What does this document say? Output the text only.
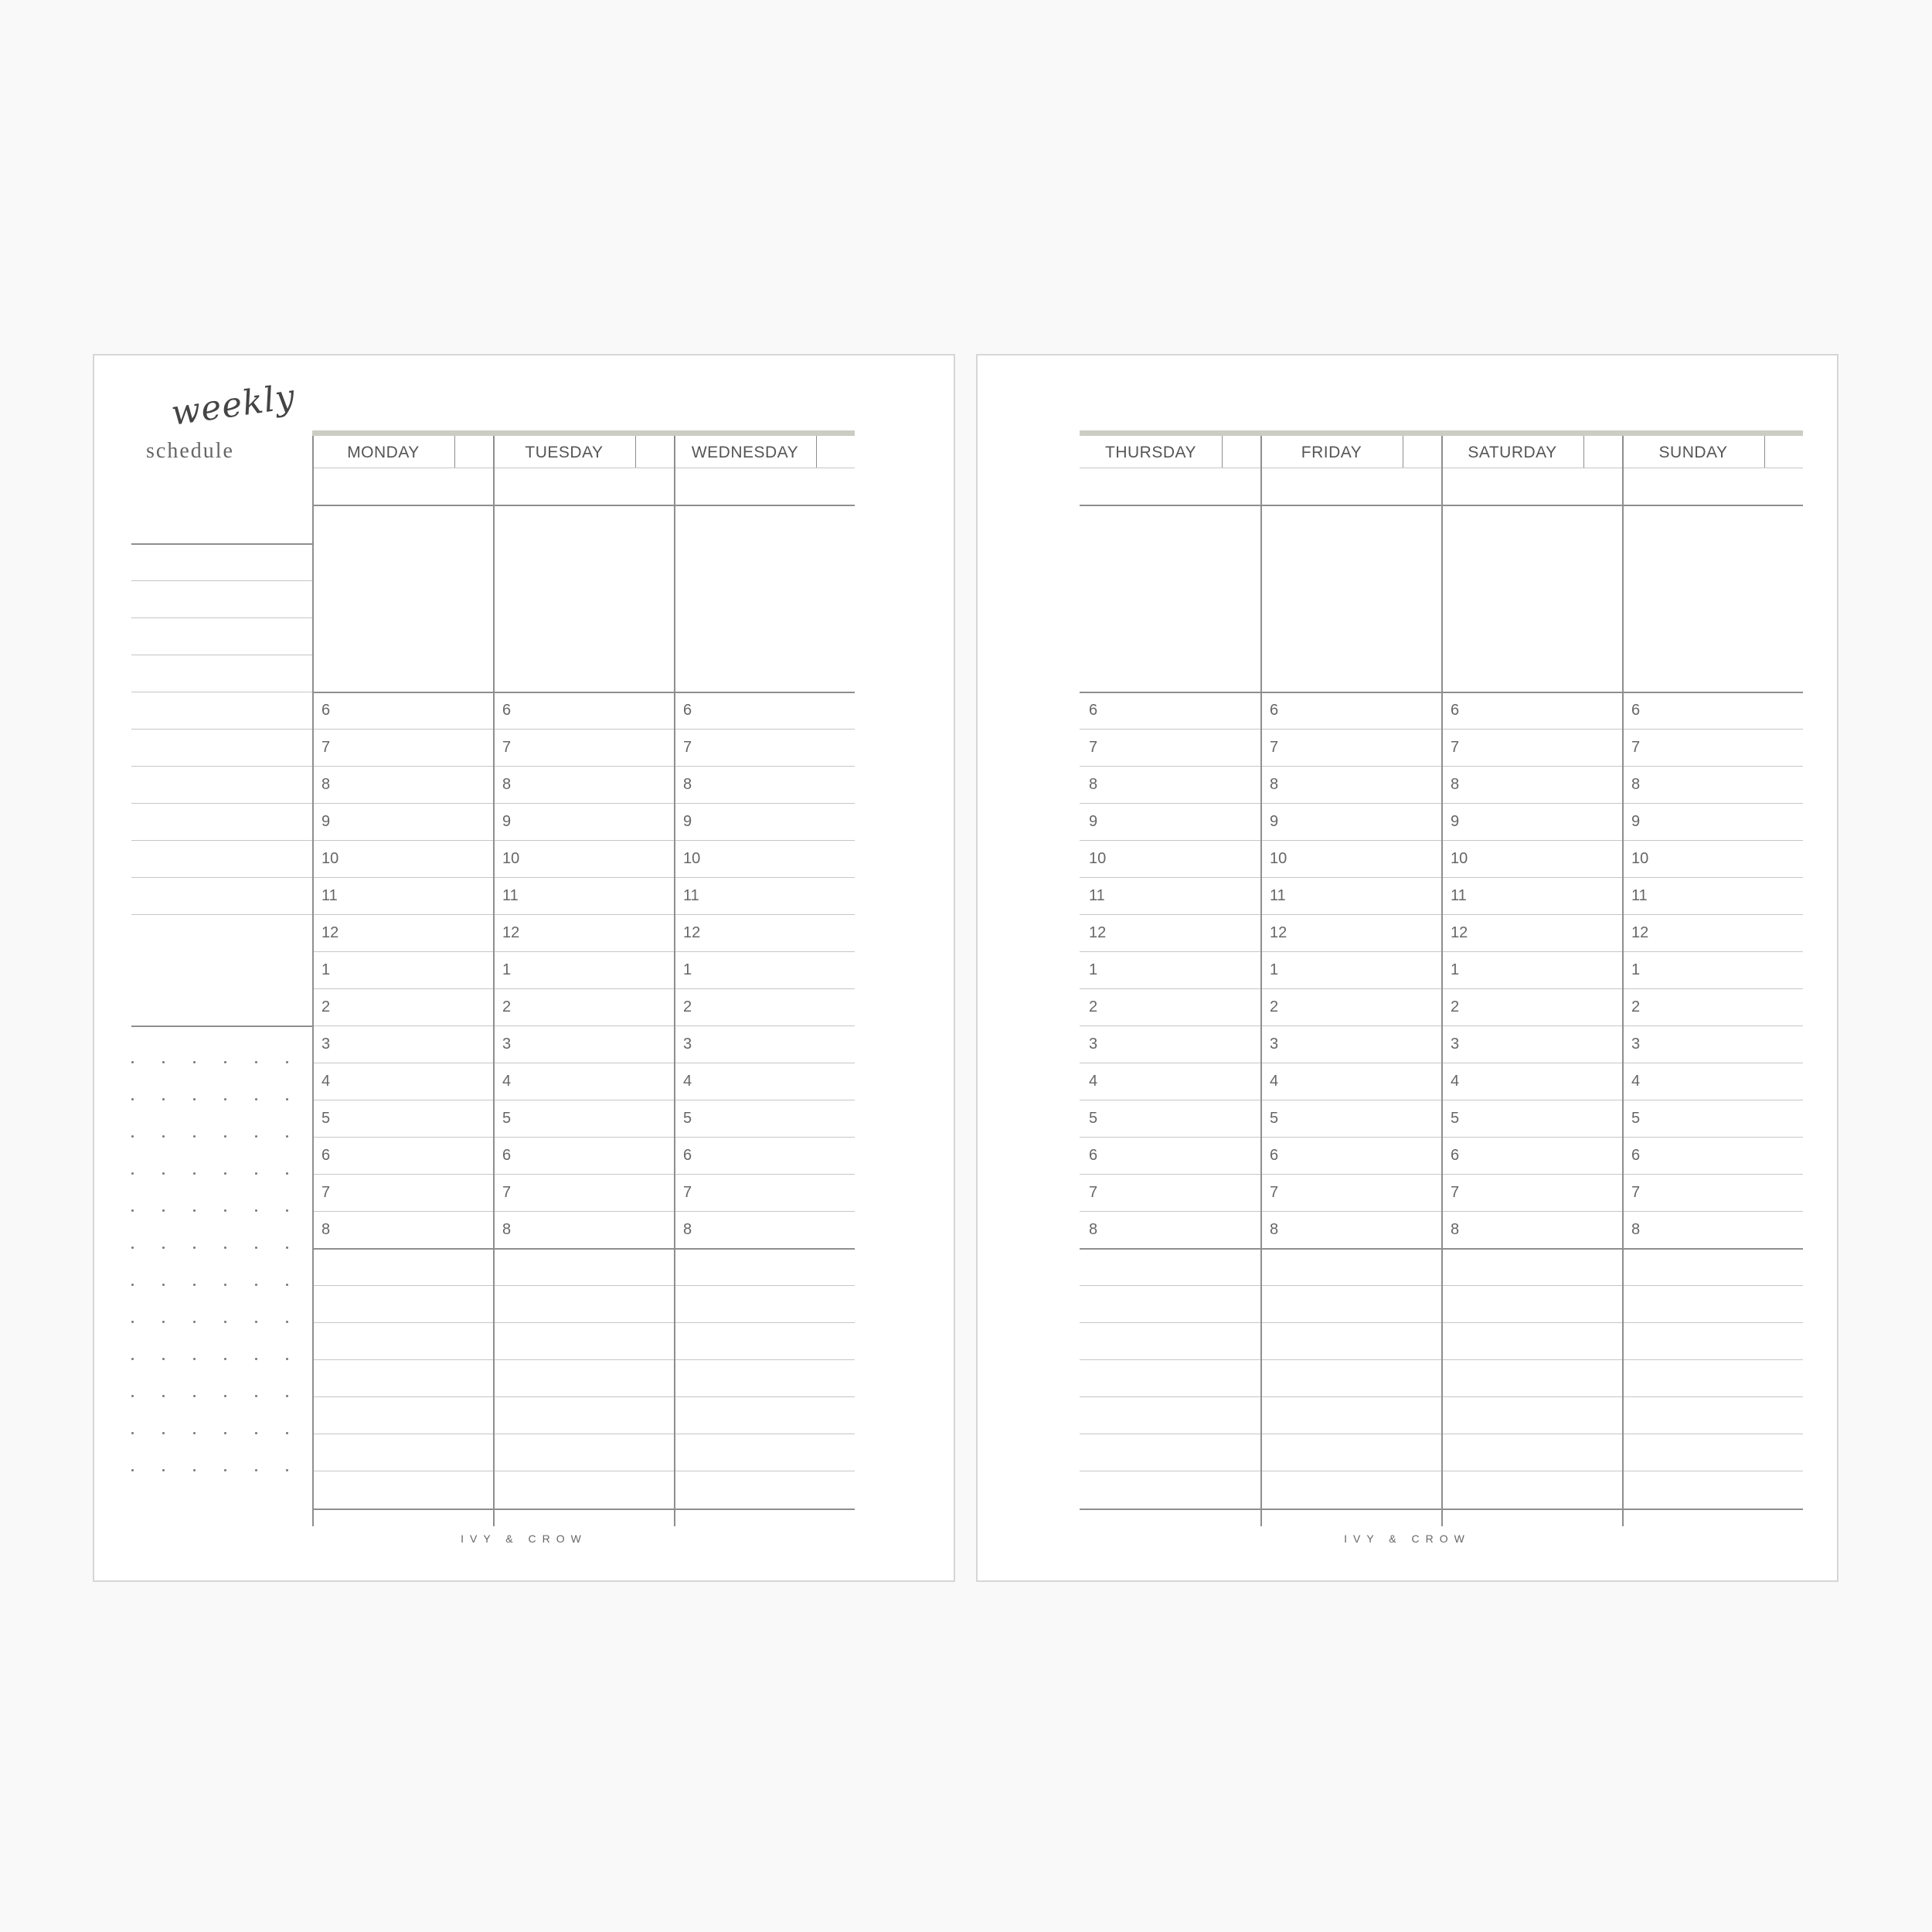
weekly
schedule	MONDAY
6
7
8
9
10
11
12
1
2
3
4
5
6
7
8
TUESDAY
6
7
8
9
10
11
12
1
2
3
4
5
6
7
8
WEDNESDAY
6
7
8
9
10
11
12
1
2
3
4
5
6
7
8
IVY & CROW
THURSDAY
6
7
8
9
10
11
12
1
2
3
4
5
6
7
8
FRIDAY
6
7
8
9
10
11
12
1
2
3
4
5
6
7
8
SATURDAY
6
7
8
9
10
11
12
1
2
3
4
5
6
7
8
SUNDAY
6
7
8
9
10
11
12
1
2
3
4
5
6
7
8
IVY & CROW
